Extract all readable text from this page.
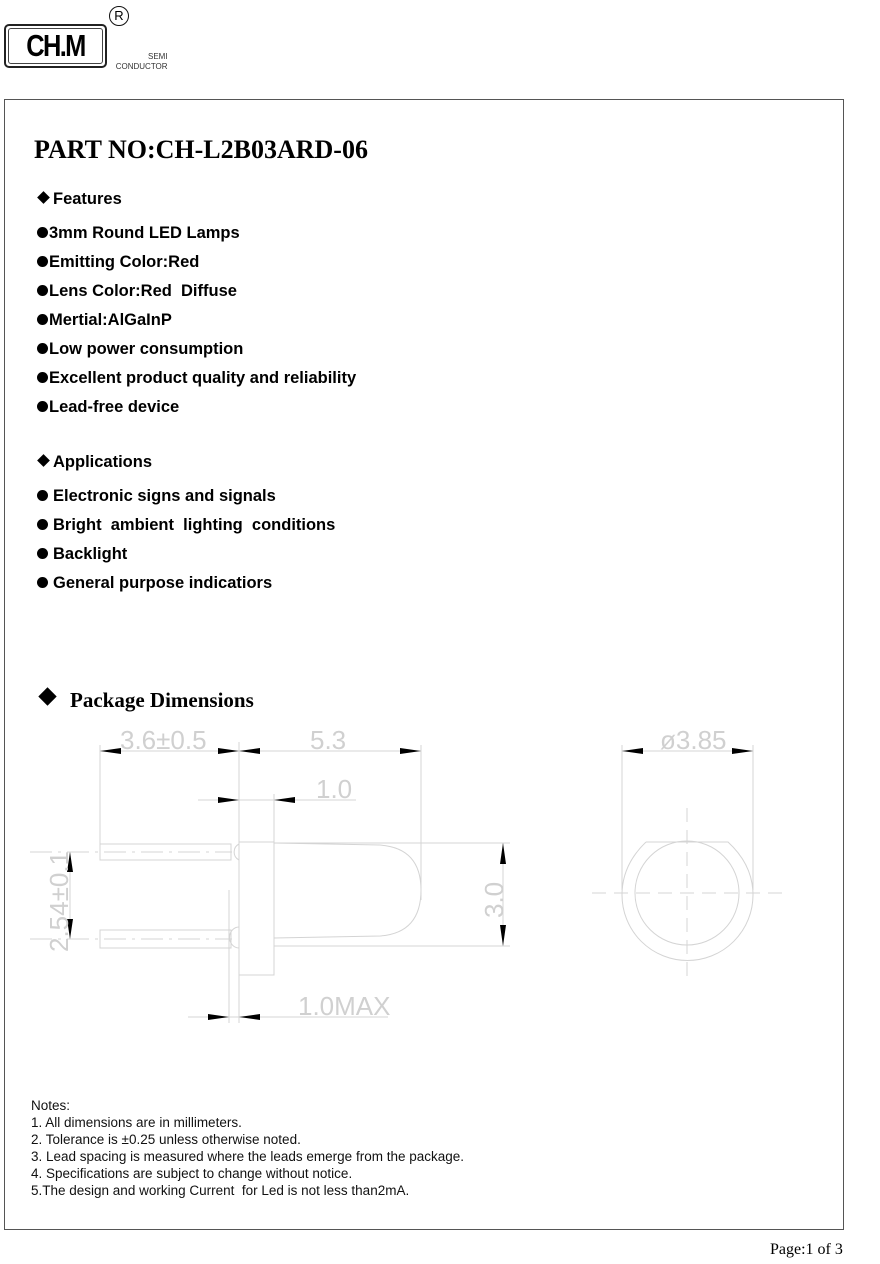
CH.M
R
SEMI
CONDUCTOR
PART NO:CH-L2B03ARD-06
Features
3mm Round LED Lamps
Emitting Color:Red
Lens Color:Red  Diffuse
Mertial:AlGaInP
Low power consumption
Excellent product quality and reliability
Lead-free device
Applications
Electronic signs and signals
Bright  ambient  lighting  conditions
Backlight
General purpose indicatiors
Package Dimensions
3.6±0.5	5.3
1.0
1.0MAX
3.0
2.54±0.1
ø3.85
Notes:
1. All dimensions are in millimeters.
2. Tolerance is ±0.25 unless otherwise noted.
3. Lead spacing is measured where the leads emerge from the package.
4. Specifications are subject to change without notice.
5.The design and working Current  for Led is not less than2mA.
Page:1 of 3
